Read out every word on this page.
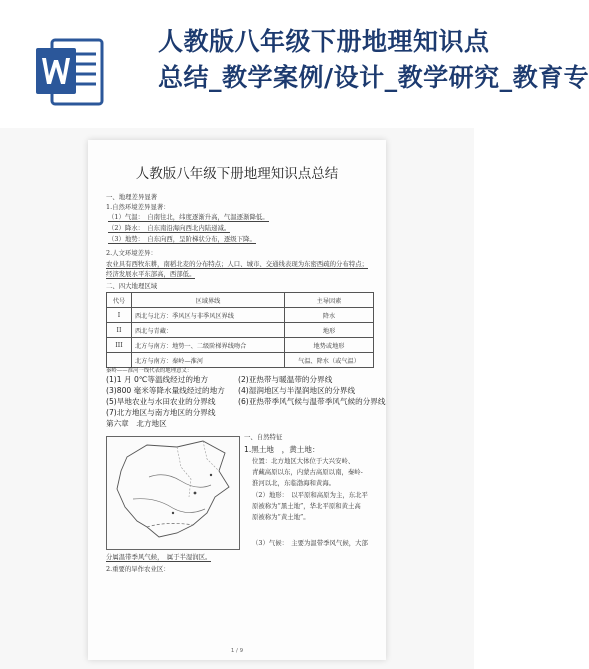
人教版八年级下册地理知识点
总结_教学案例/设计_教学研究_教育专
人教版八年级下册地理知识点总结
一、地理差异显著
1.自然环境差异显著：
（1）气温：　自南往北，纬度逐渐升高，气温逐渐降低。
（2）降水：　自东南沿海向西北内陆递减。
（3）地势：　自东向西，呈阶梯状分布，逐级下降。
2.人文环境差异：
农业具有西牧东耕，南稻北麦的分布特点；人口、城市、交通线表现为东密西疏的分布特点；
经济发展水平东部高，西部低。
二、四大地理区域
代号	区域界线	主导因素
I	西北与北方：季风区与非季风区界线	降水
II	西北与青藏：	地形
III	北方与南方：地势一、二级阶梯界线吻合	地势或地形
	北方与南方：秦岭—淮河	气温、降水（或气温）
秦岭——淮河一线代表的地理意义：
(1)1 月 0℃等温线经过的地方	(2)亚热带与暖温带的分界线
(3)800 毫米等降水量线经过的地方 (4)湿润地区与半湿润地区的分界线
(5)旱地农业与水田农业的分界线	(6)亚热带季风气候与温带季风气候的分界线
(7)北方地区与南方地区的分界线
第六章　北方地区
一、自然特征
1.黑土地　，黄土地：
位置：北方地区大体位于大兴安岭、
青藏高原以东，内蒙古高原以南，秦岭-
淮河以北，东临渤海和黄海。
（2）地形：　以平原和高原为主，东北平
原被称为“黑土地”，华北平原和黄土高
原被称为“黄土地”。
（3）气候：　主要为温带季风气候，大部
分属温带季风气候，　属于半湿润区。
2.重要的旱作农业区：
1 / 9
